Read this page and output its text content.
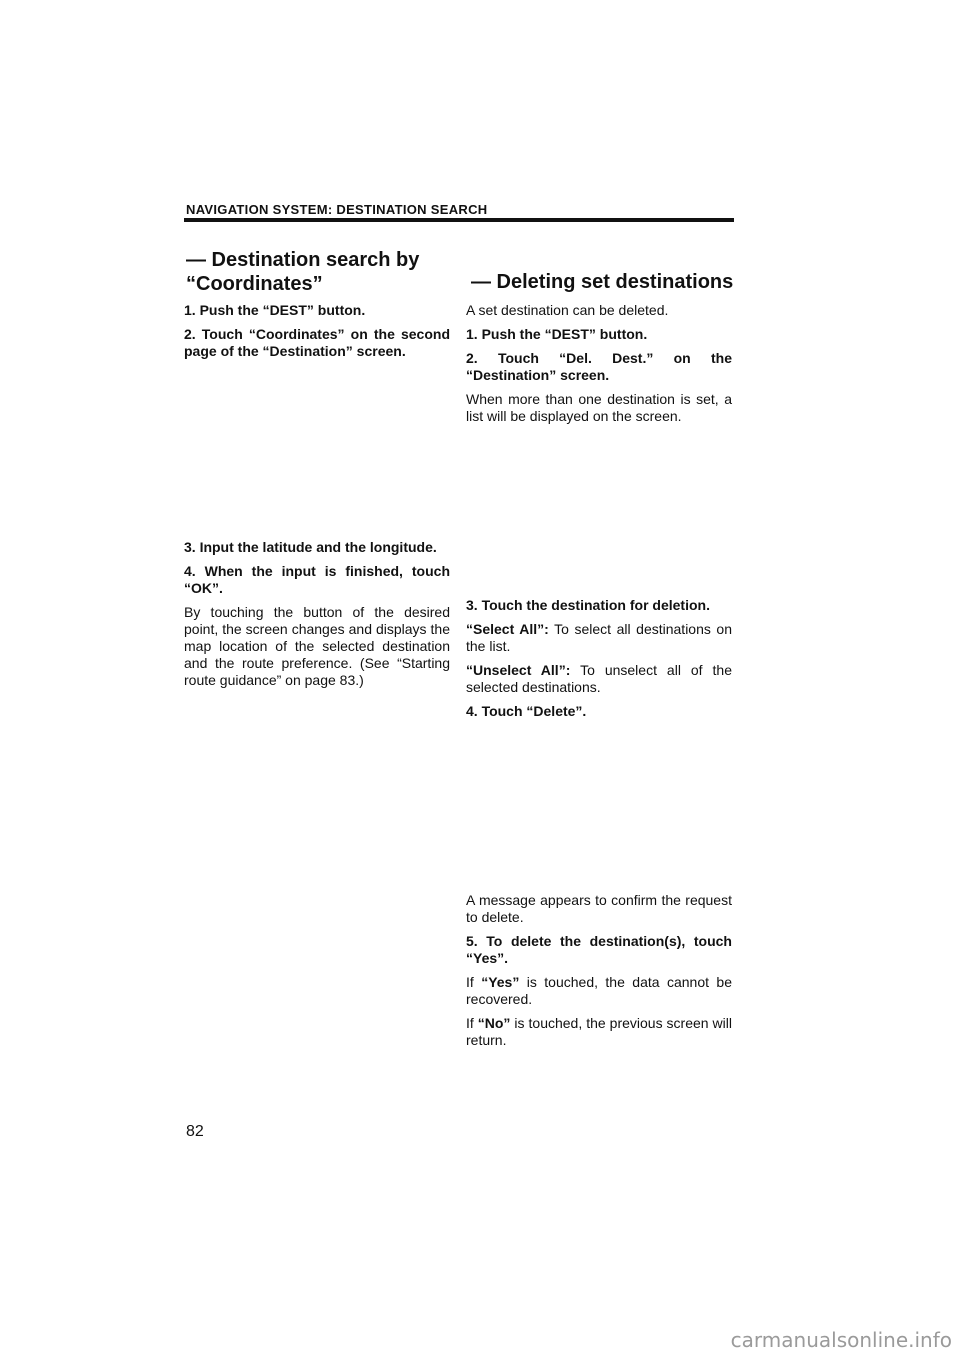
NAVIGATION SYSTEM: DESTINATION SEARCH
— Destination search by
“Coordinates”

1. Push the “DEST” button.

2. Touch “Coordinates” on the second page of the “Destination” screen.

3. Input the latitude and the longitude.

4. When the input is finished, touch “OK”.

By touching the button of the desired point, the screen changes and displays the map location of the selected destination and the route preference. (See “Starting route guidance” on page 83.)

— Deleting set destinations

A set destination can be deleted.

1. Push the “DEST” button.

2. Touch “Del. Dest.” on the “Destination” screen.

When more than one destination is set, a list will be displayed on the screen.

3. Touch the destination for deletion.

“Select All”: To select all destinations on the list.

“Unselect All”: To unselect all of the selected destinations.

4. Touch “Delete”.

A message appears to confirm the request to delete.

5. To delete the destination(s), touch “Yes”.

If “Yes” is touched, the data cannot be recovered.

If “No” is touched, the previous screen will return.

82
carmanualsonline.info
